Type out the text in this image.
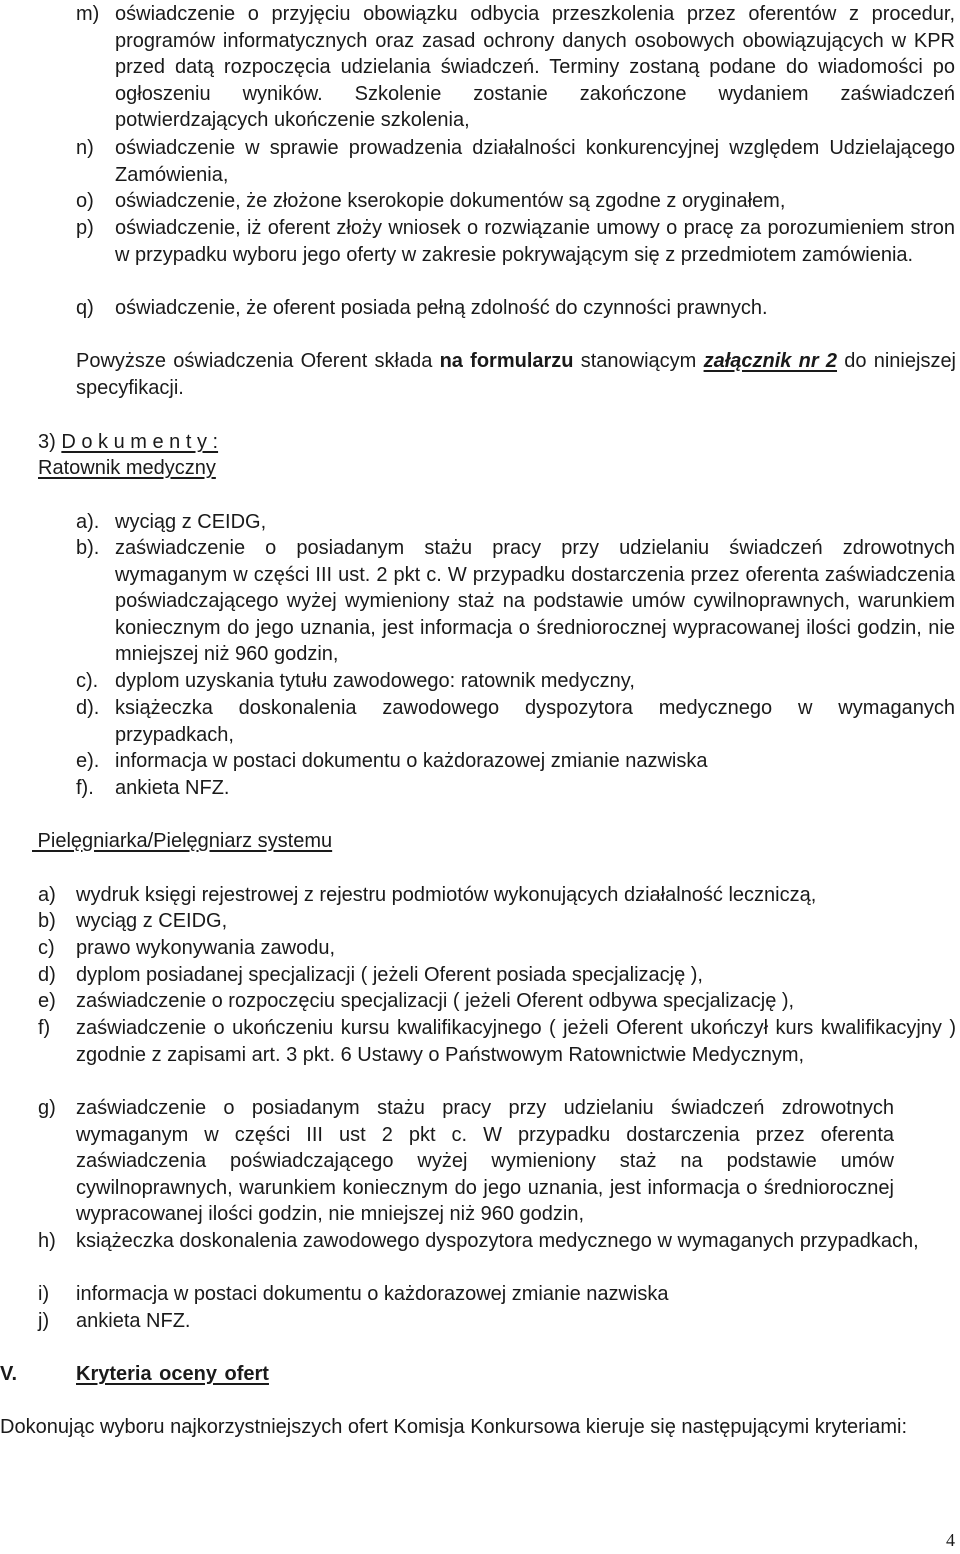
m) oświadczenie o przyjęciu obowiązku odbycia przeszkolenia przez oferentów z procedur, programów informatycznych oraz zasad ochrony danych osobowych obowiązujących w KPR przed datą rozpoczęcia udzielania świadczeń. Terminy zostaną podane do wiadomości po ogłoszeniu wyników. Szkolenie zostanie zakończone wydaniem zaświadczeń potwierdzających ukończenie szkolenia,
n) oświadczenie w sprawie prowadzenia działalności konkurencyjnej względem Udzielającego Zamówienia,
o) oświadczenie, że złożone kserokopie dokumentów są zgodne z oryginałem,
p) oświadczenie, iż oferent złoży wniosek o rozwiązanie umowy o pracę za porozumieniem stron w przypadku wyboru jego oferty w zakresie pokrywającym się z przedmiotem zamówienia.
q) oświadczenie, że oferent posiada pełną zdolność do czynności prawnych.
Powyższe oświadczenia Oferent składa na formularzu stanowiącym załącznik nr 2 do niniejszej specyfikacji.
3) D o k u m e n t y :
Ratownik medyczny
a). wyciąg z CEIDG,
b). zaświadczenie o posiadanym stażu pracy przy udzielaniu świadczeń zdrowotnych wymaganym w części III ust. 2 pkt c. W przypadku dostarczenia przez oferenta zaświadczenia poświadczającego wyżej wymieniony staż na podstawie umów cywilnoprawnych, warunkiem koniecznym do jego uznania, jest informacja o średniorocznej wypracowanej ilości godzin, nie mniejszej niż 960 godzin,
c). dyplom uzyskania tytułu zawodowego: ratownik medyczny,
d). książeczka doskonalenia zawodowego dyspozytora medycznego w wymaganych przypadkach,
e). informacja w postaci dokumentu o każdorazowej zmianie nazwiska
f). ankieta NFZ.
Pielęgniarka/Pielęgniarz systemu
a) wydruk księgi rejestrowej z rejestru podmiotów wykonujących działalność leczniczą,
b) wyciąg z CEIDG,
c) prawo wykonywania zawodu,
d) dyplom posiadanej specjalizacji ( jeżeli Oferent posiada specjalizację ),
e) zaświadczenie o rozpoczęciu specjalizacji ( jeżeli Oferent odbywa specjalizację ),
f) zaświadczenie o ukończeniu kursu kwalifikacyjnego ( jeżeli Oferent ukończył kurs kwalifikacyjny ) zgodnie z zapisami art. 3 pkt. 6 Ustawy o Państwowym Ratownictwie Medycznym,
g) zaświadczenie o posiadanym stażu pracy przy udzielaniu świadczeń zdrowotnych wymaganym w części III ust 2 pkt c. W przypadku dostarczenia przez oferenta zaświadczenia poświadczającego wyżej wymieniony staż na podstawie umów cywilnoprawnych, warunkiem koniecznym do jego uznania, jest informacja o średniorocznej wypracowanej ilości godzin, nie mniejszej niż 960 godzin,
h) książeczka doskonalenia zawodowego dyspozytora medycznego w wymaganych przypadkach,
i) informacja w postaci dokumentu o każdorazowej zmianie nazwiska
j) ankieta NFZ.
V.	Kryteria oceny ofert
Dokonując wyboru najkorzystniejszych ofert Komisja Konkursowa kieruje się następującymi kryteriami:
4
